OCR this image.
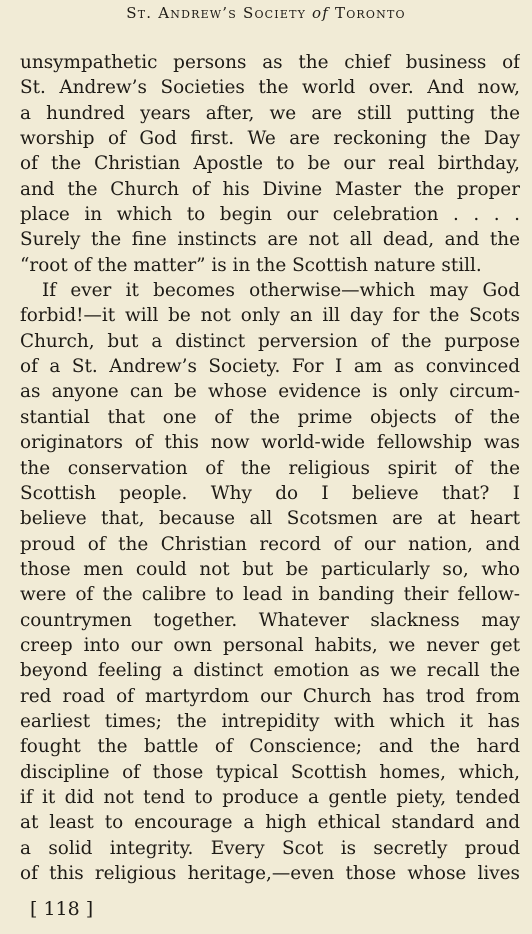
St. Andrew’s Society of Toronto
unsympathetic persons as the chief business of
St. Andrew’s Societies the world over. And now,
a hundred years after, we are still putting the
worship of God first. We are reckoning the Day
of the Christian Apostle to be our real birthday,
and the Church of his Divine Master the proper
place in which to begin our celebration . . . .
Surely the fine instincts are not all dead, and the
“root of the matter” is in the Scottish nature still.
If ever it becomes otherwise—which may God
forbid!—it will be not only an ill day for the Scots
Church, but a distinct perversion of the purpose
of a St. Andrew’s Society. For I am as convinced
as anyone can be whose evidence is only circum-
stantial that one of the prime objects of the
originators of this now world-wide fellowship was
the conservation of the religious spirit of the
Scottish people. Why do I believe that? I
believe that, because all Scotsmen are at heart
proud of the Christian record of our nation, and
those men could not but be particularly so, who
were of the calibre to lead in banding their fellow-
countrymen together. Whatever slackness may
creep into our own personal habits, we never get
beyond feeling a distinct emotion as we recall the
red road of martyrdom our Church has trod from
earliest times; the intrepidity with which it has
fought the battle of Conscience; and the hard
discipline of those typical Scottish homes, which,
if it did not tend to produce a gentle piety, tended
at least to encourage a high ethical standard and
a solid integrity. Every Scot is secretly proud
of this religious heritage,—even those whose lives
[ 118 ]
